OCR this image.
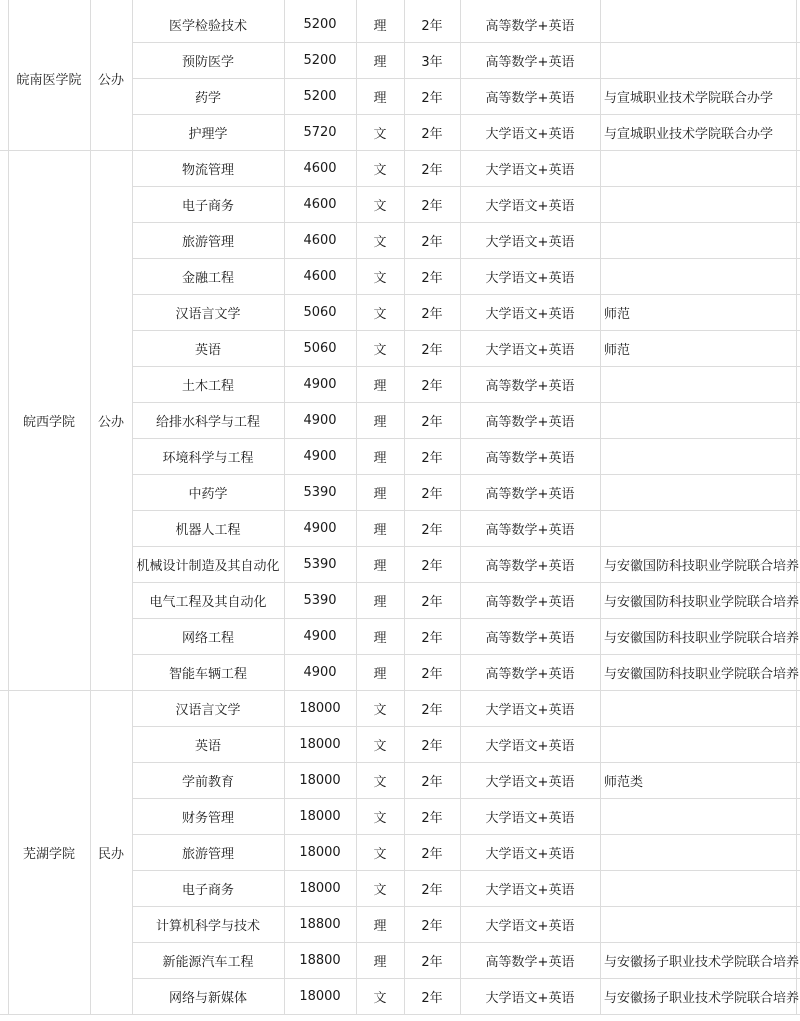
皖南医学院	公办
医学检验技术	5200	理	2年	高等数学+英语
预防医学	5200	理	3年	高等数学+英语
药学	5200	理	2年	高等数学+英语	与宣城职业技术学院联合办学
护理学	5720	文	2年	大学语文+英语	与宣城职业技术学院联合办学
皖西学院	公办
物流管理	4600	文	2年	大学语文+英语
电子商务	4600	文	2年	大学语文+英语
旅游管理	4600	文	2年	大学语文+英语
金融工程	4600	文	2年	大学语文+英语
汉语言文学	5060	文	2年	大学语文+英语	师范
英语	5060	文	2年	大学语文+英语	师范
土木工程	4900	理	2年	高等数学+英语
给排水科学与工程	4900	理	2年	高等数学+英语
环境科学与工程	4900	理	2年	高等数学+英语
中药学	5390	理	2年	高等数学+英语
机器人工程	4900	理	2年	高等数学+英语
机械设计制造及其自动化	5390	理	2年	高等数学+英语	与安徽国防科技职业学院联合培养
电气工程及其自动化	5390	理	2年	高等数学+英语	与安徽国防科技职业学院联合培养
网络工程	4900	理	2年	高等数学+英语	与安徽国防科技职业学院联合培养
智能车辆工程	4900	理	2年	高等数学+英语	与安徽国防科技职业学院联合培养
芜湖学院	民办
汉语言文学	18000	文	2年	大学语文+英语
英语	18000	文	2年	大学语文+英语
学前教育	18000	文	2年	大学语文+英语	师范类
财务管理	18000	文	2年	大学语文+英语
旅游管理	18000	文	2年	大学语文+英语
电子商务	18000	文	2年	大学语文+英语
计算机科学与技术	18800	理	2年	大学语文+英语
新能源汽车工程	18800	理	2年	高等数学+英语	与安徽扬子职业技术学院联合培养
网络与新媒体	18000	文	2年	大学语文+英语	与安徽扬子职业技术学院联合培养
